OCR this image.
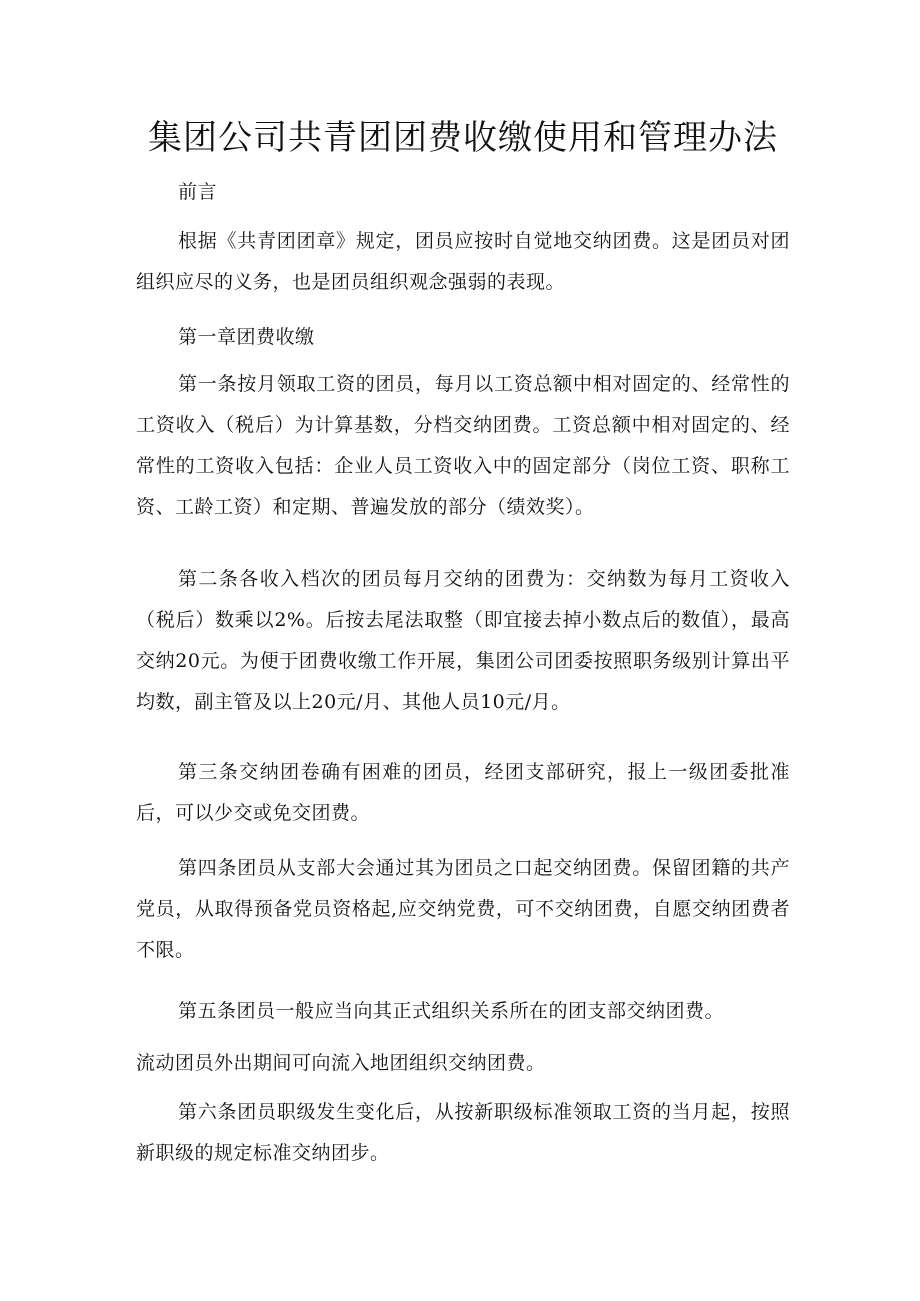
集团公司共青团团费收缴使用和管理办法

前言

根据《共青团团章》规定，团员应按时自觉地交纳团费。这是团员对团组织应尽的义务，也是团员组织观念强弱的表现。

第一章团费收缴

第一条按月领取工资的团员，每月以工资总额中相对固定的、经常性的工资收入（税后）为计算基数，分档交纳团费。工资总额中相对固定的、经常性的工资收入包括：企业人员工资收入中的固定部分（岗位工资、职称工资、工龄工资）和定期、普遍发放的部分（绩效奖）。

第二条各收入档次的团员每月交纳的团费为：交纳数为每月工资收入（税后）数乘以2%。后按去尾法取整（即宜接去掉小数点后的数值），最高交纳20元。为便于团费收缴工作开展，集团公司团委按照职务级别计算出平均数，副主管及以上20元/月、其他人员10元/月。

第三条交纳团卷确有困难的团员，经团支部研究，报上一级团委批准后，可以少交或免交团费。

第四条团员从支部大会通过其为团员之口起交纳团费。保留团籍的共产党员，从取得预备党员资格起,应交纳党费，可不交纳团费，自愿交纳团费者不限。

第五条团员一般应当向其正式组织关系所在的团支部交纳团费。

流动团员外出期间可向流入地团组织交纳团费。

第六条团员职级发生变化后，从按新职级标准领取工资的当月起，按照新职级的规定标准交纳团步。
